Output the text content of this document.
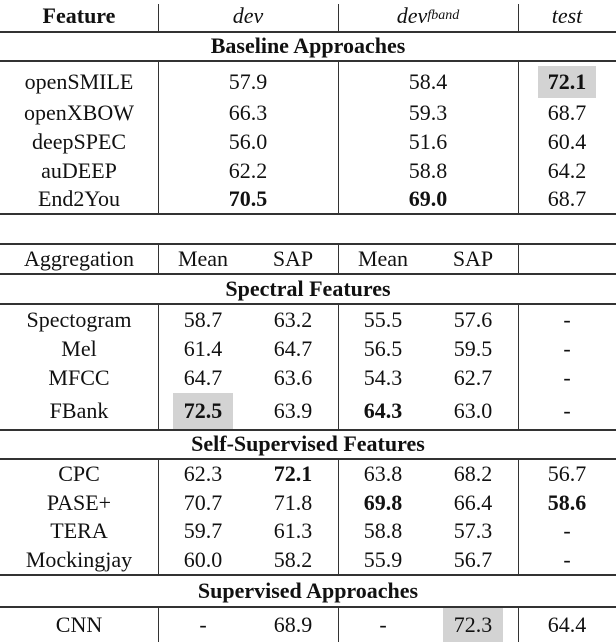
Feature	dev	dev fband	test
Baseline Approaches
openSMILE	57.9	58.4	72.1
openXBOW	66.3	59.3	68.7
deepSPEC	56.0	51.6	60.4
auDEEP	62.2	58.8	64.2
End2You	70.5	69.0	68.7
Aggregation	Mean	SAP	Mean	SAP
Spectral Features
Spectogram	58.7	63.2	55.5	57.6	-
Mel	61.4	64.7	56.5	59.5	-
MFCC	64.7	63.6	54.3	62.7	-
FBank	72.5	63.9	64.3	63.0	-
Self-Supervised Features
CPC	62.3	72.1	63.8	68.2	56.7
PASE+	70.7	71.8	69.8	66.4	58.6
TERA	59.7	61.3	58.8	57.3	-
Mockingjay	60.0	58.2	55.9	56.7	-
Supervised Approaches
CNN	-	68.9	-	72.3	64.4
